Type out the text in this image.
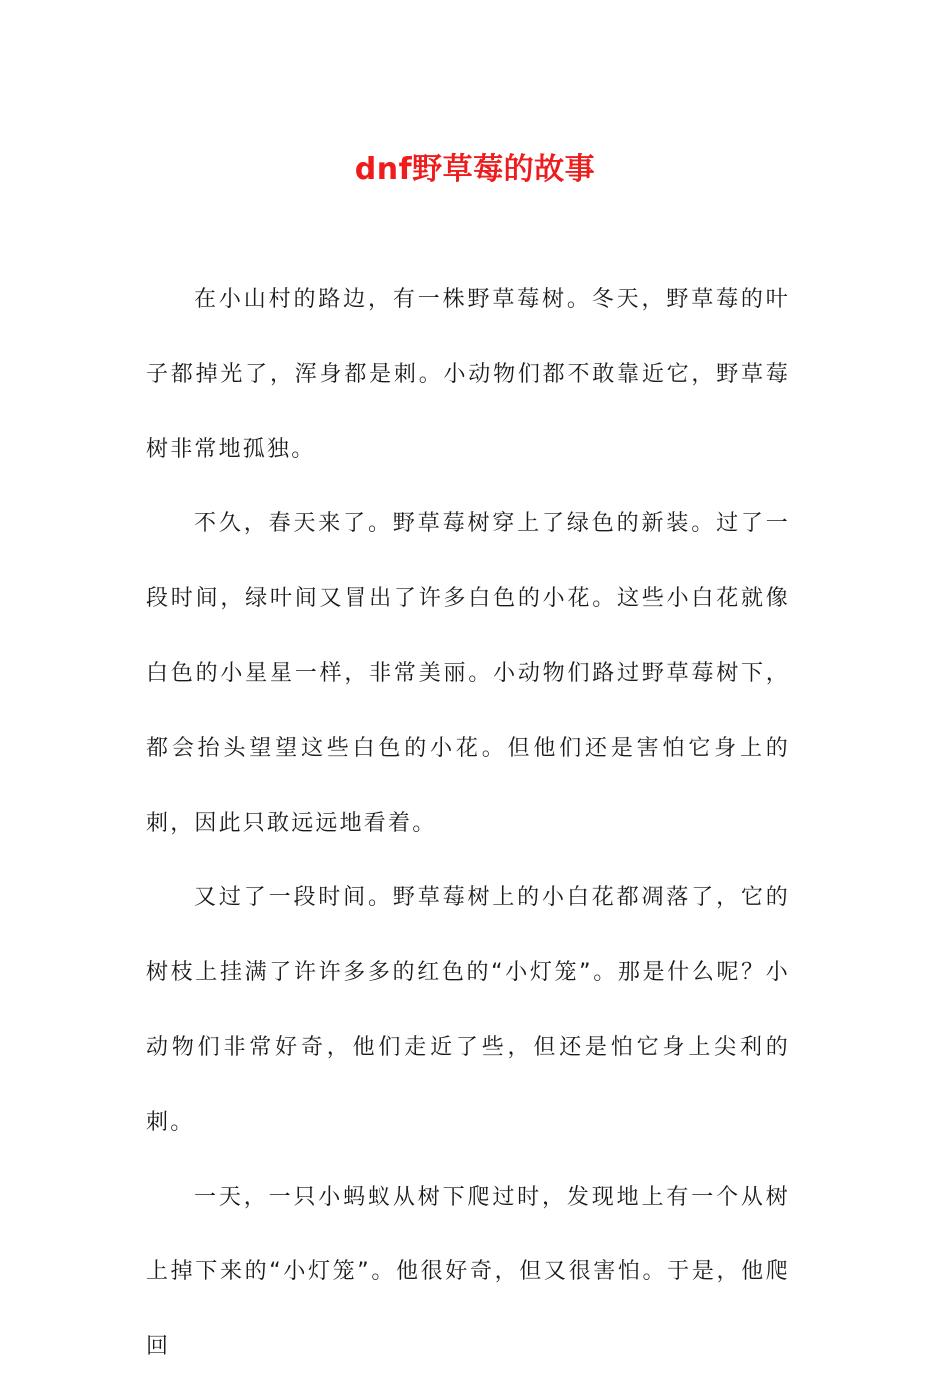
dnf野草莓的故事

在小山村的路边，有一株野草莓树。冬天，野草莓的叶子都掉光了，浑身都是刺。小动物们都不敢靠近它，野草莓树非常地孤独。

不久，春天来了。野草莓树穿上了绿色的新装。过了一段时间，绿叶间又冒出了许多白色的小花。这些小白花就像白色的小星星一样，非常美丽。小动物们路过野草莓树下，都会抬头望望这些白色的小花。但他们还是害怕它身上的刺，因此只敢远远地看着。

又过了一段时间。野草莓树上的小白花都凋落了，它的树枝上挂满了许许多多的红色的“小灯笼”。那是什么呢？小动物们非常好奇，他们走近了些，但还是怕它身上尖利的刺。

一天，一只小蚂蚁从树下爬过时，发现地上有一个从树上掉下来的“小灯笼”。他很好奇，但又很害怕。于是，他爬回
